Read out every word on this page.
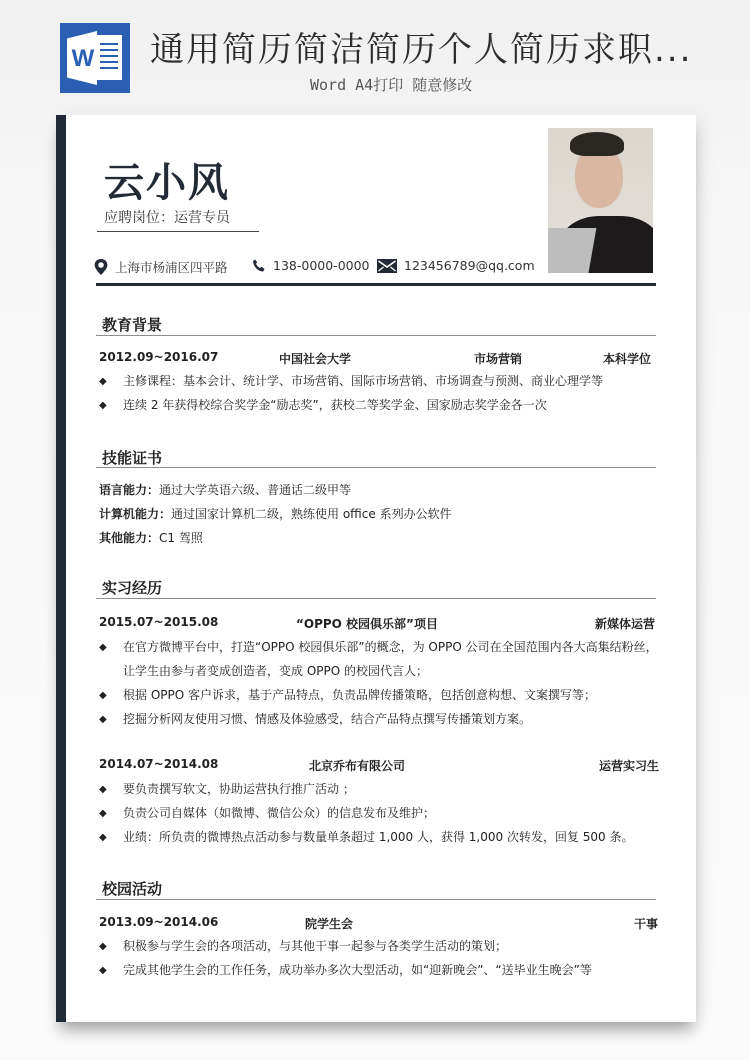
W 通用简历简洁简历个人简历求职...
Word A4打印 随意修改
云小风
应聘岗位：运营专员
上海市杨浦区四平路	138-0000-0000	123456789@qq.com
教育背景
2012.09~2016.07	中国社会大学	市场营销	本科学位
◆ 主修课程：基本会计、统计学、市场营销、国际市场营销、市场调查与预测、商业心理学等
◆ 连续 2 年获得校综合奖学金“励志奖”，获校二等奖学金、国家励志奖学金各一次
技能证书
语言能力：通过大学英语六级、普通话二级甲等
计算机能力：通过国家计算机二级，熟练使用 office 系列办公软件
其他能力：C1 驾照
实习经历
2015.07~2015.08	“OPPO 校园俱乐部”项目	新媒体运营
◆ 在官方微博平台中，打造“OPPO 校园俱乐部”的概念，为 OPPO 公司在全国范围内各大高集结粉丝，
让学生由参与者变成创造者，变成 OPPO 的校园代言人；
◆ 根据 OPPO 客户诉求，基于产品特点，负责品牌传播策略，包括创意构想、文案撰写等；
◆ 挖掘分析网友使用习惯、情感及体验感受，结合产品特点撰写传播策划方案。
2014.07~2014.08	北京乔布有限公司	运营实习生
◆ 要负责撰写软文，协助运营执行推广活动 ；
◆ 负责公司自媒体（如微博、微信公众）的信息发布及维护；
◆ 业绩：所负责的微博热点活动参与数量单条超过 1,000 人，获得 1,000 次转发，回复 500 条。
校园活动
2013.09~2014.06	院学生会	干事
◆ 积极参与学生会的各项活动，与其他干事一起参与各类学生活动的策划；
◆ 完成其他学生会的工作任务，成功举办多次大型活动，如“迎新晚会”、“送毕业生晚会”等
